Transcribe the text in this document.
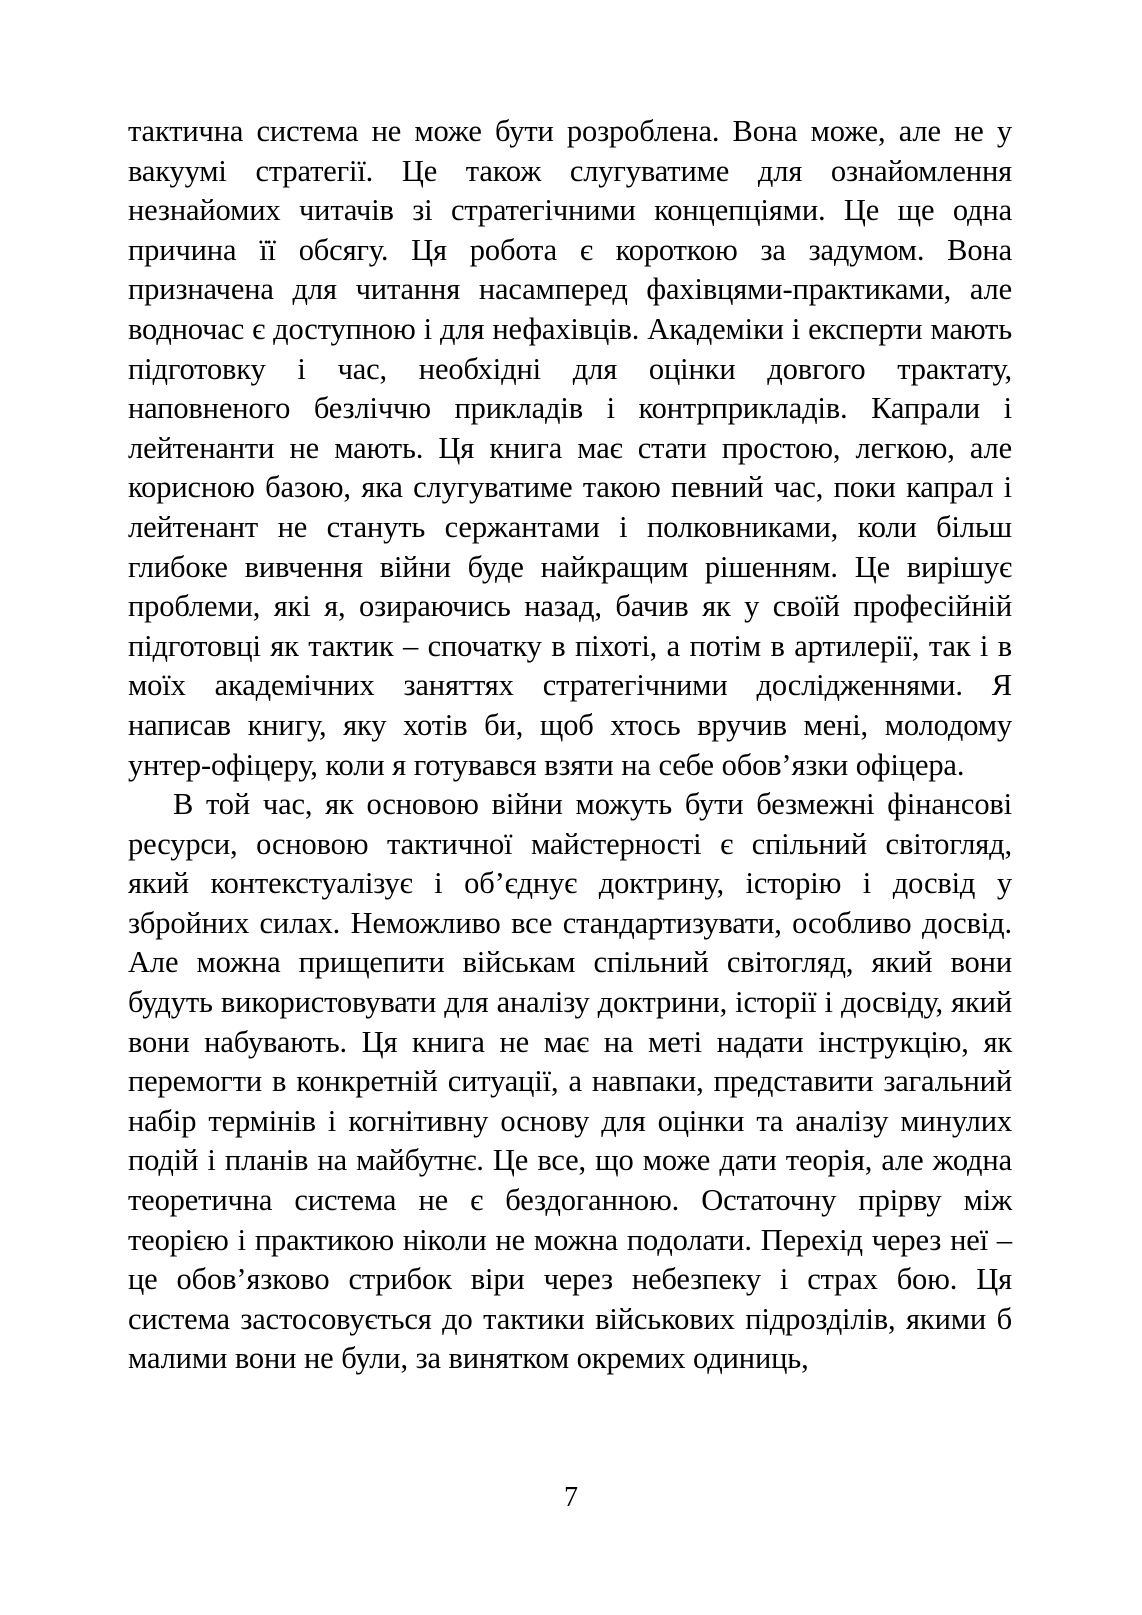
тактична система не може бути розроблена. Вона може, але не у вакуумі стратегії. Це також слугуватиме для ознайомлення незнайомих читачів зі стратегічними концепціями. Це ще одна причина її обсягу. Ця робота є короткою за задумом. Вона призначена для читання насамперед фахівцями-практиками, але водночас є доступною і для нефахівців. Академіки і експерти мають підготовку і час, необхідні для оцінки довгого трактату, наповненого безліччю прикладів і контрприкладів. Капрали і лейтенанти не мають. Ця книга має стати простою, легкою, але корисною базою, яка слугуватиме такою певний час, поки капрал і лейтенант не стануть сержантами і полковниками, коли більш глибоке вивчення війни буде найкращим рішенням. Це вирішує проблеми, які я, озираючись назад, бачив як у своїй професійній підготовці як тактик – спочатку в піхоті, а потім в артилерії, так і в моїх академічних заняттях стратегічними дослідженнями. Я написав книгу, яку хотів би, щоб хтось вручив мені, молодому унтер-офіцеру, коли я готувався взяти на себе обов’язки офіцера.

В той час, як основою війни можуть бути безмежні фінансові ресурси, основою тактичної майстерності є спільний світогляд, який контекстуалізує і об’єднує доктрину, історію і досвід у збройних силах. Неможливо все стандартизувати, особливо досвід. Але можна прищепити військам спільний світогляд, який вони будуть використовувати для аналізу доктрини, історії і досвіду, який вони набувають. Ця книга не має на меті надати інструкцію, як перемогти в конкретній ситуації, а навпаки, представити загальний набір термінів і когнітивну основу для оцінки та аналізу минулих подій і планів на майбутнє. Це все, що може дати теорія, але жодна теоретична система не є бездоганною. Остаточну прірву між теорією і практикою ніколи не можна подолати. Перехід через неї – це обов’язково стрибок віри через небезпеку і страх бою. Ця система застосовується до тактики військових підрозділів, якими б малими вони не були, за винятком окремих одиниць,

7
